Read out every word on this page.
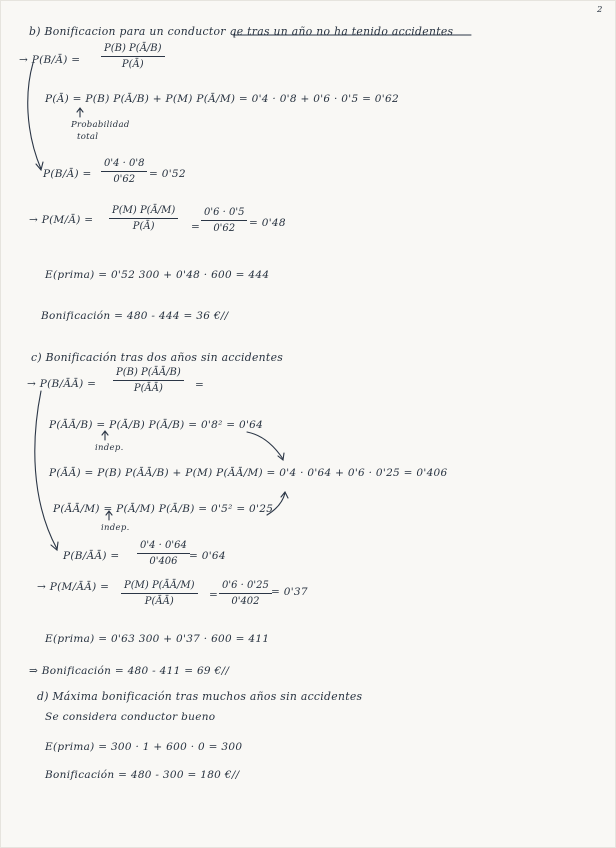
2
b) Bonificacion para un conductor qe tras un año no ha tenido accidentes
→ P(B/Ā) = $\frac{P(B) P(Ā/B)}{P(Ā)}$
P(Ā) = P(B) P(Ā/B) + P(M) P(Ā/M) = 0'4 · 0'8 + 0'6 · 0'5 = 0'62
Probabilidad
total
P(B/Ā) = $\frac{0'4 \cdot 0'8}{0'62} = 0'52$
→ P(M/Ā) = $\frac{P(M) P(Ā/M)}{P(Ā)} = \frac{0'6 \cdot 0'5}{0'62} = 0'48$
E(prima) = 0'52 300 + 0'48 · 600 = 444
Bonificación = 480 - 444 = 36 €//
c) Bonificación tras dos años sin accidentes
→ P(B/ĀĀ) = $\frac{P(B) P(ĀĀ/B)}{P(ĀĀ)}$ =
P(ĀĀ/B) = P(Ā/B) P(Ā/B) = 0'8² = 0'64
indep.
P(ĀĀ) = P(B) P(ĀĀ/B) + P(M) P(ĀĀ/M) = 0'4 · 0'64 + 0'6 · 0'25 = 0'406
P(ĀĀ/M) = P(Ā/M) P(Ā/B) = 0'5² = 0'25
indep.
P(B/ĀĀ) = $\frac{0'4 \cdot 0'64}{0'406} = 0'64$
→ P(M/ĀĀ) = $\frac{P(M) P(ĀĀ/M)}{P(ĀĀ)} = \frac{0'6 \cdot 0'25}{0'402} = 0'37$
E(prima) = 0'63 300 + 0'37 · 600 = 411
⇒ Bonificación = 480 - 411 = 69 €//
d) Máxima bonificación tras muchos años sin accidentes
Se considera conductor bueno
E(prima) = 300 · 1 + 600 · 0 = 300
Bonificación = 480 - 300 = 180 €//
